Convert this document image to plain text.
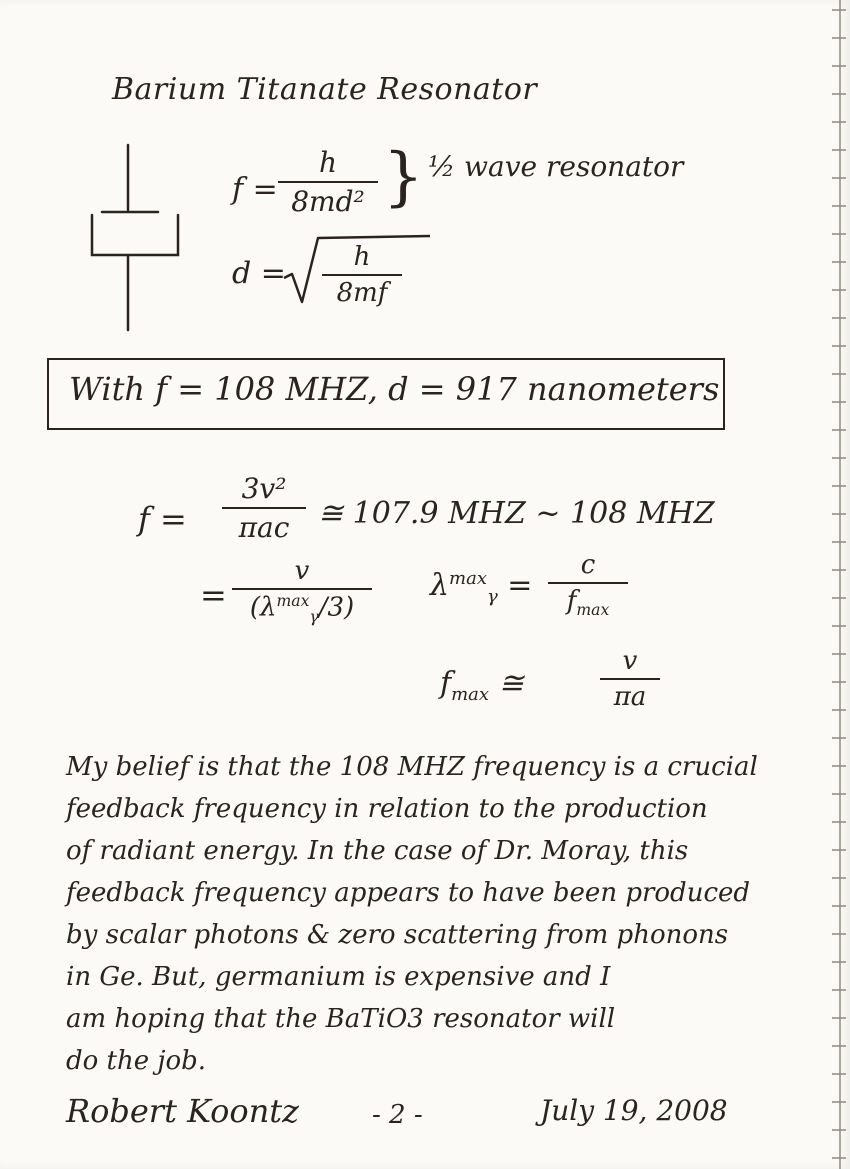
Barium Titanate Resonator
f =
h
8md² } ½ wave resonator
d =	h
8mf
With f = 108 MHZ, d = 917 nanometers
f =
3v²
πac ≅ 107.9 MHZ ~ 108 MHZ
=
v
$(\lambda^{max}_\gamma/3)$
$\lambda^{max}_\gamma$ =
c
$f_{max}$
$f_{max}$ ≅
v
πa
My belief is that the 108 MHZ frequency is a crucial
feedback frequency in relation to the production
of radiant energy. In the case of Dr. Moray, this
feedback frequency appears to have been produced
by scalar photons & zero scattering from phonons
in Ge. But, germanium is expensive and I
am hoping that the BaTiO3 resonator will
do the job.
Robert Koontz	- 2 -	July 19, 2008
